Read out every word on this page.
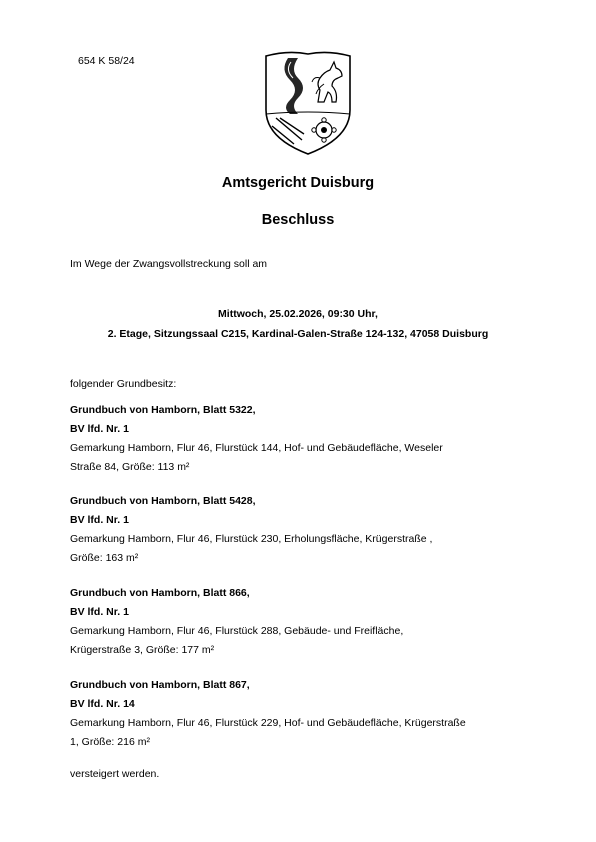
654 K 58/24
Amtsgericht Duisburg
Beschluss
Im Wege der Zwangsvollstreckung soll am
Mittwoch, 25.02.2026, 09:30 Uhr,
2. Etage, Sitzungssaal C215, Kardinal-Galen-Straße 124-132, 47058 Duisburg
folgender Grundbesitz:
Grundbuch von Hamborn, Blatt 5322,
BV lfd. Nr. 1
Gemarkung Hamborn, Flur 46, Flurstück 144, Hof- und Gebäudefläche, Weseler
Straße 84, Größe: 113 m²
Grundbuch von Hamborn, Blatt 5428,
BV lfd. Nr. 1
Gemarkung Hamborn, Flur 46, Flurstück 230, Erholungsfläche, Krügerstraße ,
Größe: 163 m²
Grundbuch von Hamborn, Blatt 866,
BV lfd. Nr. 1
Gemarkung Hamborn, Flur 46, Flurstück 288, Gebäude- und Freifläche,
Krügerstraße 3, Größe: 177 m²
Grundbuch von Hamborn, Blatt 867,
BV lfd. Nr. 14
Gemarkung Hamborn, Flur 46, Flurstück 229, Hof- und Gebäudefläche, Krügerstraße
1, Größe: 216 m²
versteigert werden.
